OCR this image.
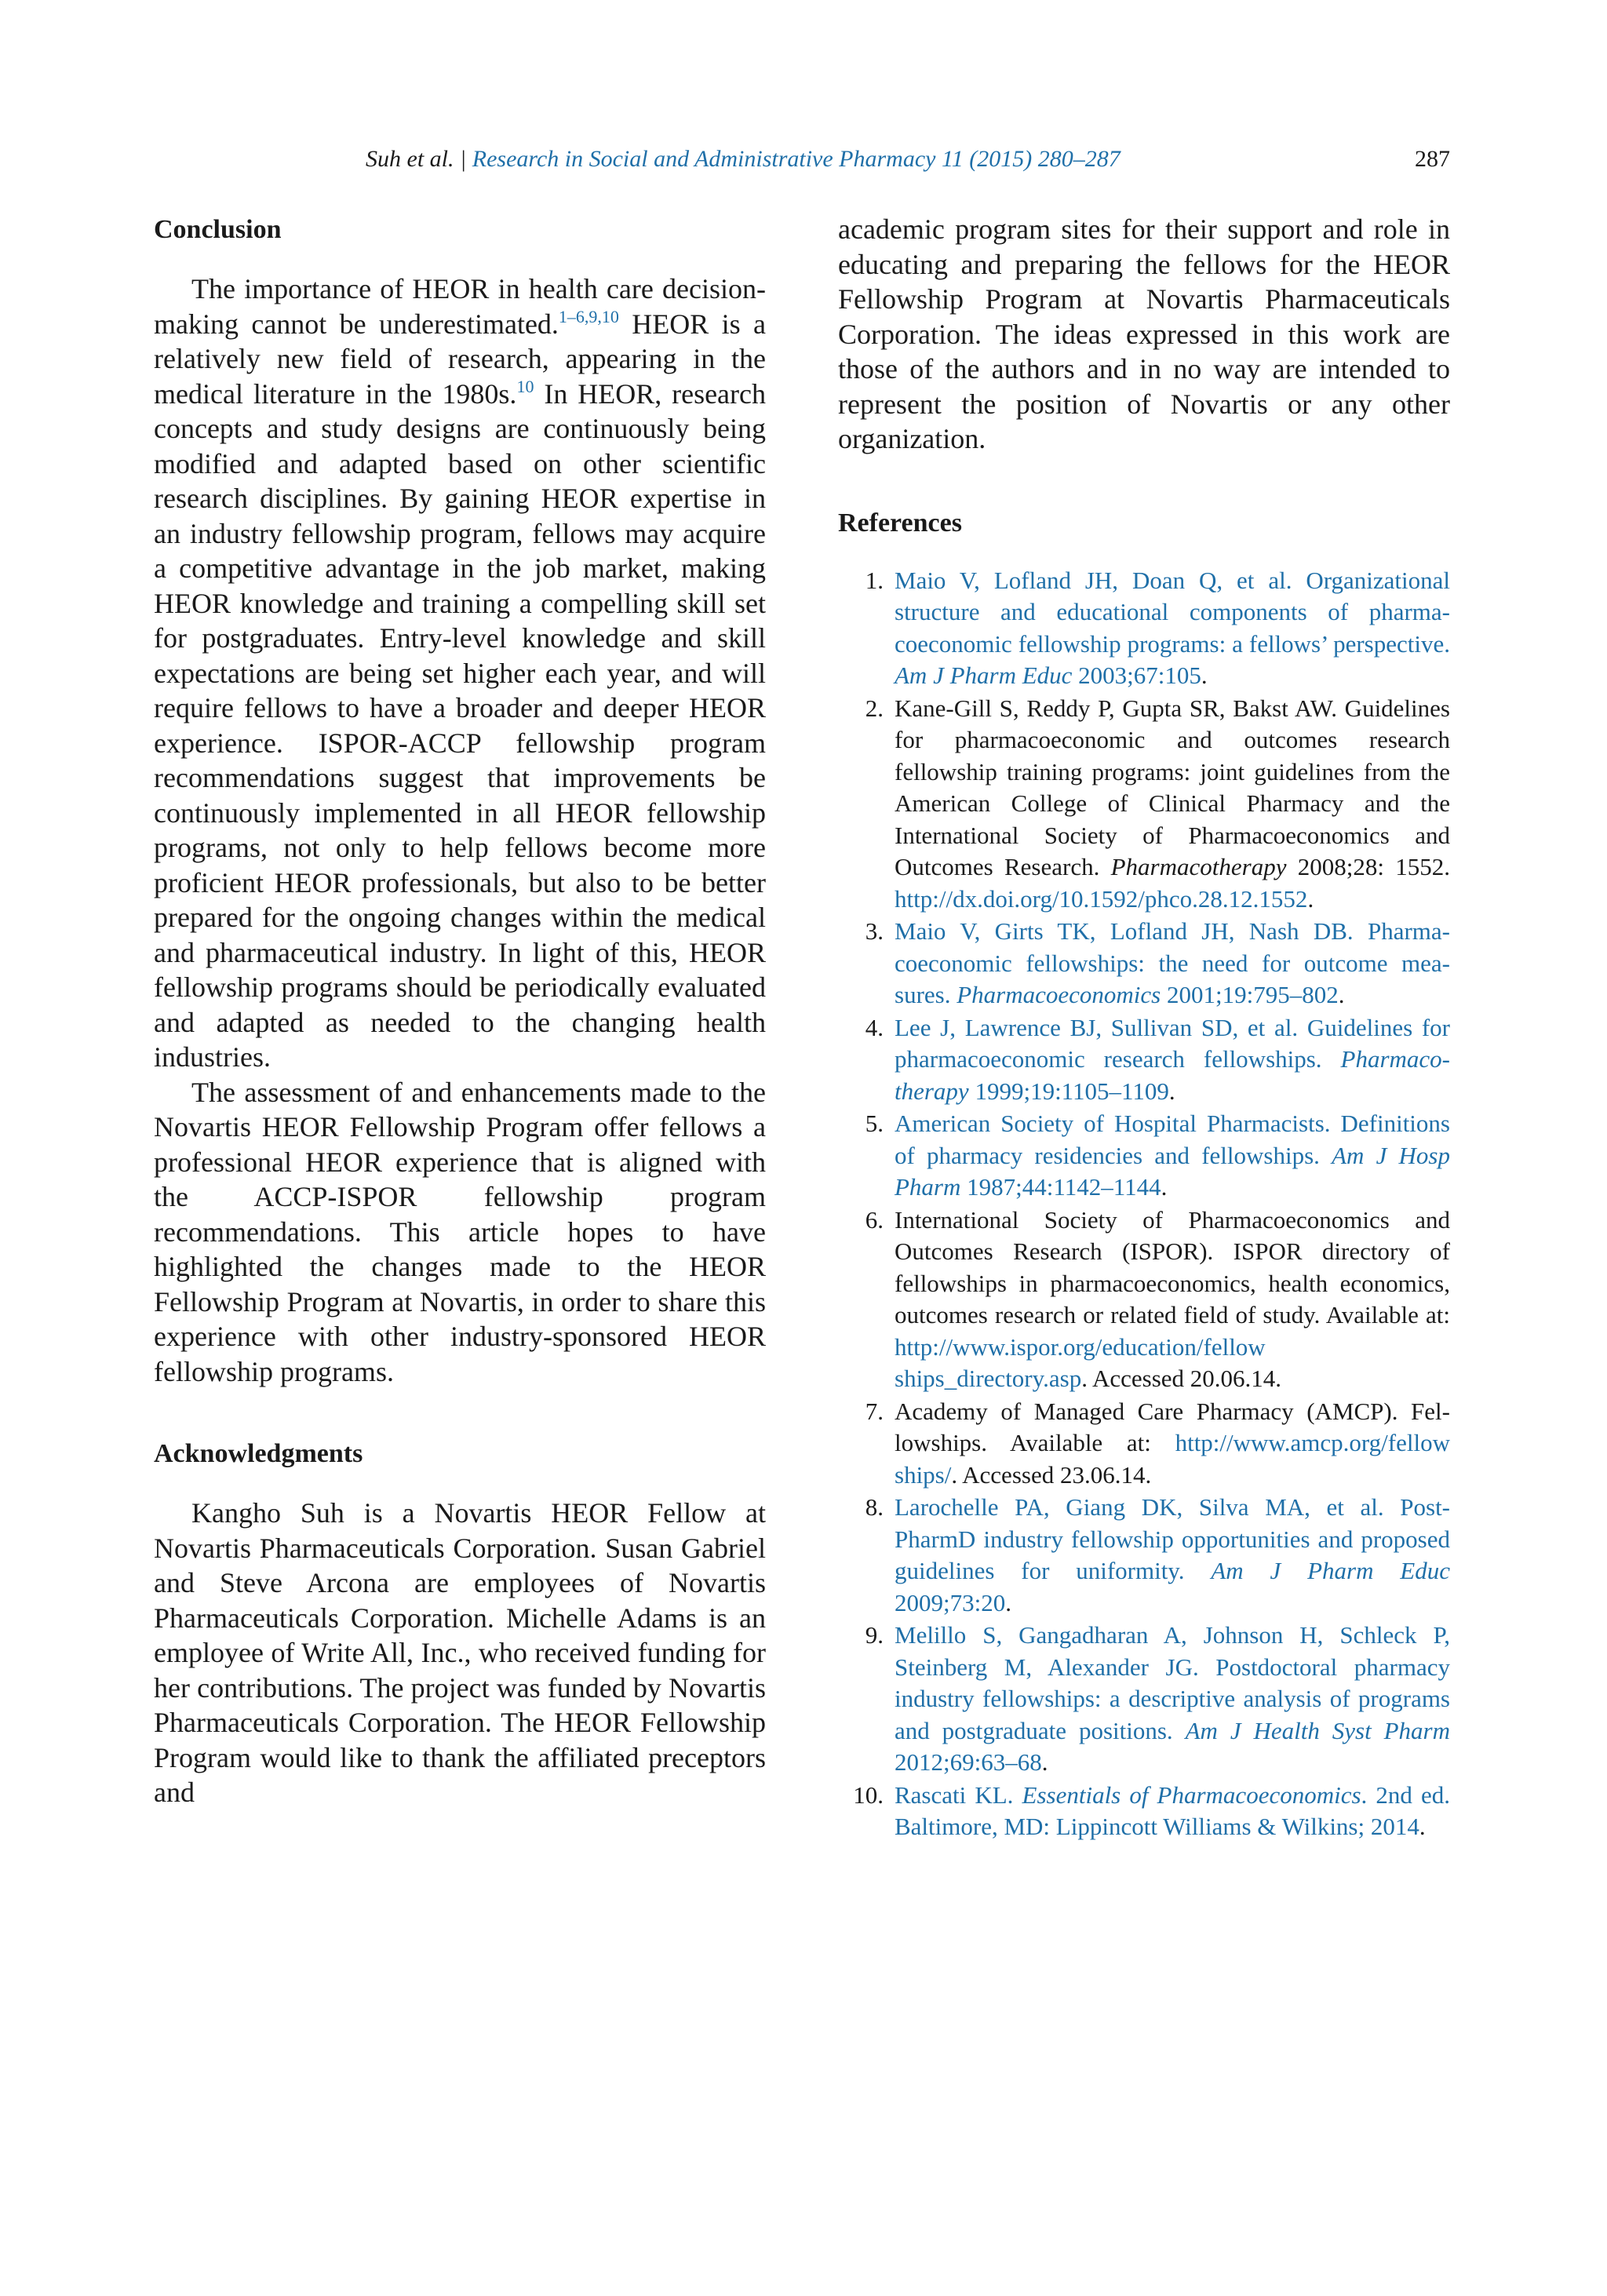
Suh et al. | Research in Social and Administrative Pharmacy 11 (2015) 280–287	287
Conclusion

The importance of HEOR in health care decision-making cannot be underestimated.$^{1-6,9,10}$ HEOR is a relatively new field of research, appearing in the medical literature in the 1980s.$^{10}$ In HEOR, research concepts and study designs are continuously being modified and adapted based on other scientific research disciplines. By gaining HEOR expertise in an industry fellowship program, fellows may acquire a competitive advantage in the job market, making HEOR knowledge and training a compelling skill set for postgraduates. Entry-level knowledge and skill expectations are being set higher each year, and will require fellows to have a broader and deeper HEOR experience. ISPOR-ACCP fellowship program recommendations suggest that improvements be continuously implemented in all HEOR fellowship programs, not only to help fellows become more proficient HEOR professionals, but also to be better prepared for the ongoing changes within the medical and pharmaceutical industry. In light of this, HEOR fellowship programs should be periodically evaluated and adapted as needed to the changing health industries.

The assessment of and enhancements made to the Novartis HEOR Fellowship Program offer fellows a professional HEOR experience that is aligned with the ACCP-ISPOR fellowship program recommendations. This article hopes to have highlighted the changes made to the HEOR Fellowship Program at Novartis, in order to share this experience with other industry-sponsored HEOR fellowship programs.

Acknowledgments

Kangho Suh is a Novartis HEOR Fellow at Novartis Pharmaceuticals Corporation. Susan Gabriel and Steve Arcona are employees of Novartis Pharmaceuticals Corporation. Michelle Adams is an employee of Write All, Inc., who received funding for her contributions. The project was funded by Novartis Pharmaceuticals Corporation. The HEOR Fellowship Program would like to thank the affiliated preceptors and

academic program sites for their support and role in educating and preparing the fellows for the HEOR Fellowship Program at Novartis Pharmaceuticals Corporation. The ideas expressed in this work are those of the authors and in no way are intended to represent the position of Novartis or any other organization.

References
1. Maio V, Lofland JH, Doan Q, et al. Organizational structure and educational components of pharmacoeconomic fellowship programs: a fellows’ perspective. Am J Pharm Educ 2003;67:105.
2. Kane-Gill S, Reddy P, Gupta SR, Bakst AW. Guidelines for pharmacoeconomic and outcomes research fellowship training programs: joint guidelines from the American College of Clinical Pharmacy and the International Society of Pharmacoeconomics and Outcomes Research. Pharmacotherapy 2008;28: 1552. http://dx.doi.org/10.1592/phco.28.12.1552.
3. Maio V, Girts TK, Lofland JH, Nash DB. Pharmacoeconomic fellowships: the need for outcome measures. Pharmacoeconomics 2001;19:795–802.
4. Lee J, Lawrence BJ, Sullivan SD, et al. Guidelines for pharmacoeconomic research fellowships. Pharmacotherapy 1999;19:1105–1109.
5. American Society of Hospital Pharmacists. Definitions of pharmacy residencies and fellowships. Am J Hosp Pharm 1987;44:1142–1144.
6. International Society of Pharmacoeconomics and Outcomes Research (ISPOR). ISPOR directory of fellowships in pharmacoeconomics, health economics, outcomes research or related field of study. Available at: http://www.ispor.org/education/fellow ships_directory.asp. Accessed 20.06.14.
7. Academy of Managed Care Pharmacy (AMCP). Fellowships. Available at: http://www.amcp.org/fellow ships/. Accessed 23.06.14.
8. Larochelle PA, Giang DK, Silva MA, et al. Post-PharmD industry fellowship opportunities and proposed guidelines for uniformity. Am J Pharm Educ 2009;73:20.
9. Melillo S, Gangadharan A, Johnson H, Schleck P, Steinberg M, Alexander JG. Postdoctoral pharmacy industry fellowships: a descriptive analysis of programs and postgraduate positions. Am J Health Syst Pharm 2012;69:63–68.
10. Rascati KL. Essentials of Pharmacoeconomics. 2nd ed. Baltimore, MD: Lippincott Williams & Wilkins; 2014.
